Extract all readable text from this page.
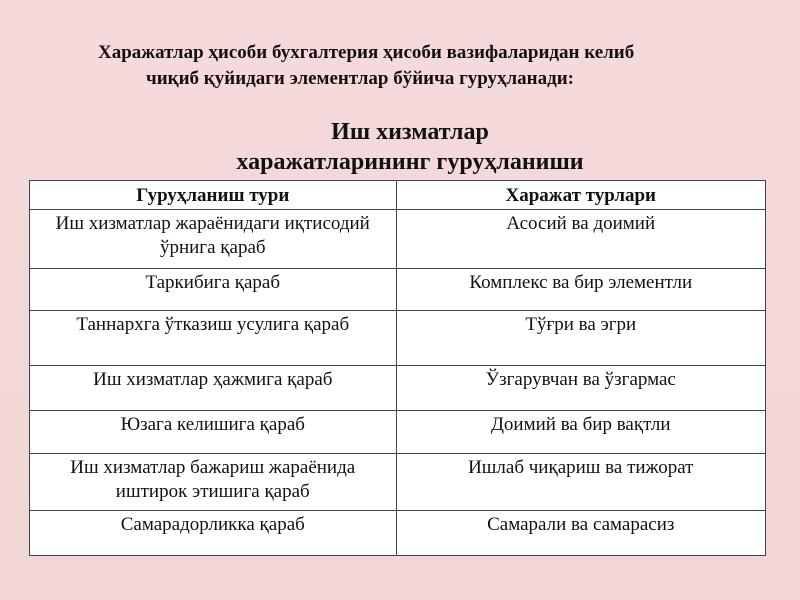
Харажатлар ҳисоби бухгалтерия ҳисоби вазифаларидан келиб
чиқиб қуйидаги элементлар бўйича гуруҳланади:
Иш хизматлар
харажатларининг гуруҳланиши
Гуруҳланиш тури	Харажат турлари
Иш хизматлар жараёнидаги иқтисодий ўрнига қараб	Асосий ва доимий
Таркибига қараб	Комплекс ва бир элементли
Таннархга ўтказиш усулига қараб	Тўғри ва эгри
Иш хизматлар ҳажмига қараб	Ўзгарувчан ва ўзгармас
Юзага келишига қараб	Доимий ва бир вақтли
Иш хизматлар бажариш жараёнида иштирок этишига қараб	Ишлаб чиқариш ва тижорат
Самарадорликка қараб	Самарали ва самарасиз
